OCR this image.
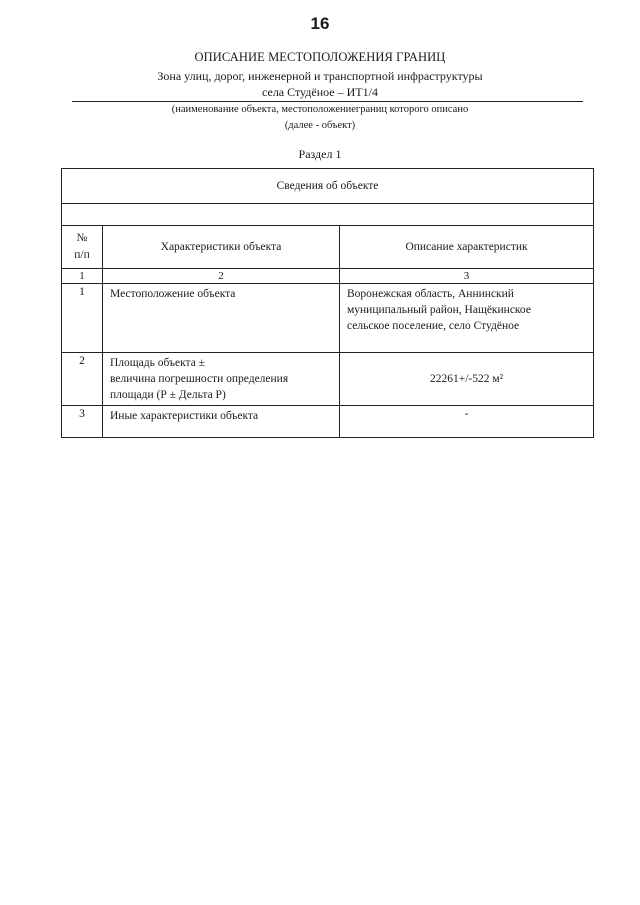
16
ОПИСАНИЕ МЕСТОПОЛОЖЕНИЯ ГРАНИЦ
Зона улиц, дорог, инженерной и транспортной инфраструктуры
села Студёное – ИТ1/4
(наименование объекта, местоположениеграниц которого описано
(далее - объект)
Раздел 1
Сведения об объекте		

№
п/п	Характеристики объекта	Описание характеристик
1	2	3
1	Местоположение объекта	Воронежская область, Аннинский
муниципальный район, Нащёкинское
сельское поселение, село Студёное

2	Площадь объекта ±
величина погрешности определения
площади (Р ± Дельта Р)	22261+/-522 м²
3	Иные характеристики объекта	-
